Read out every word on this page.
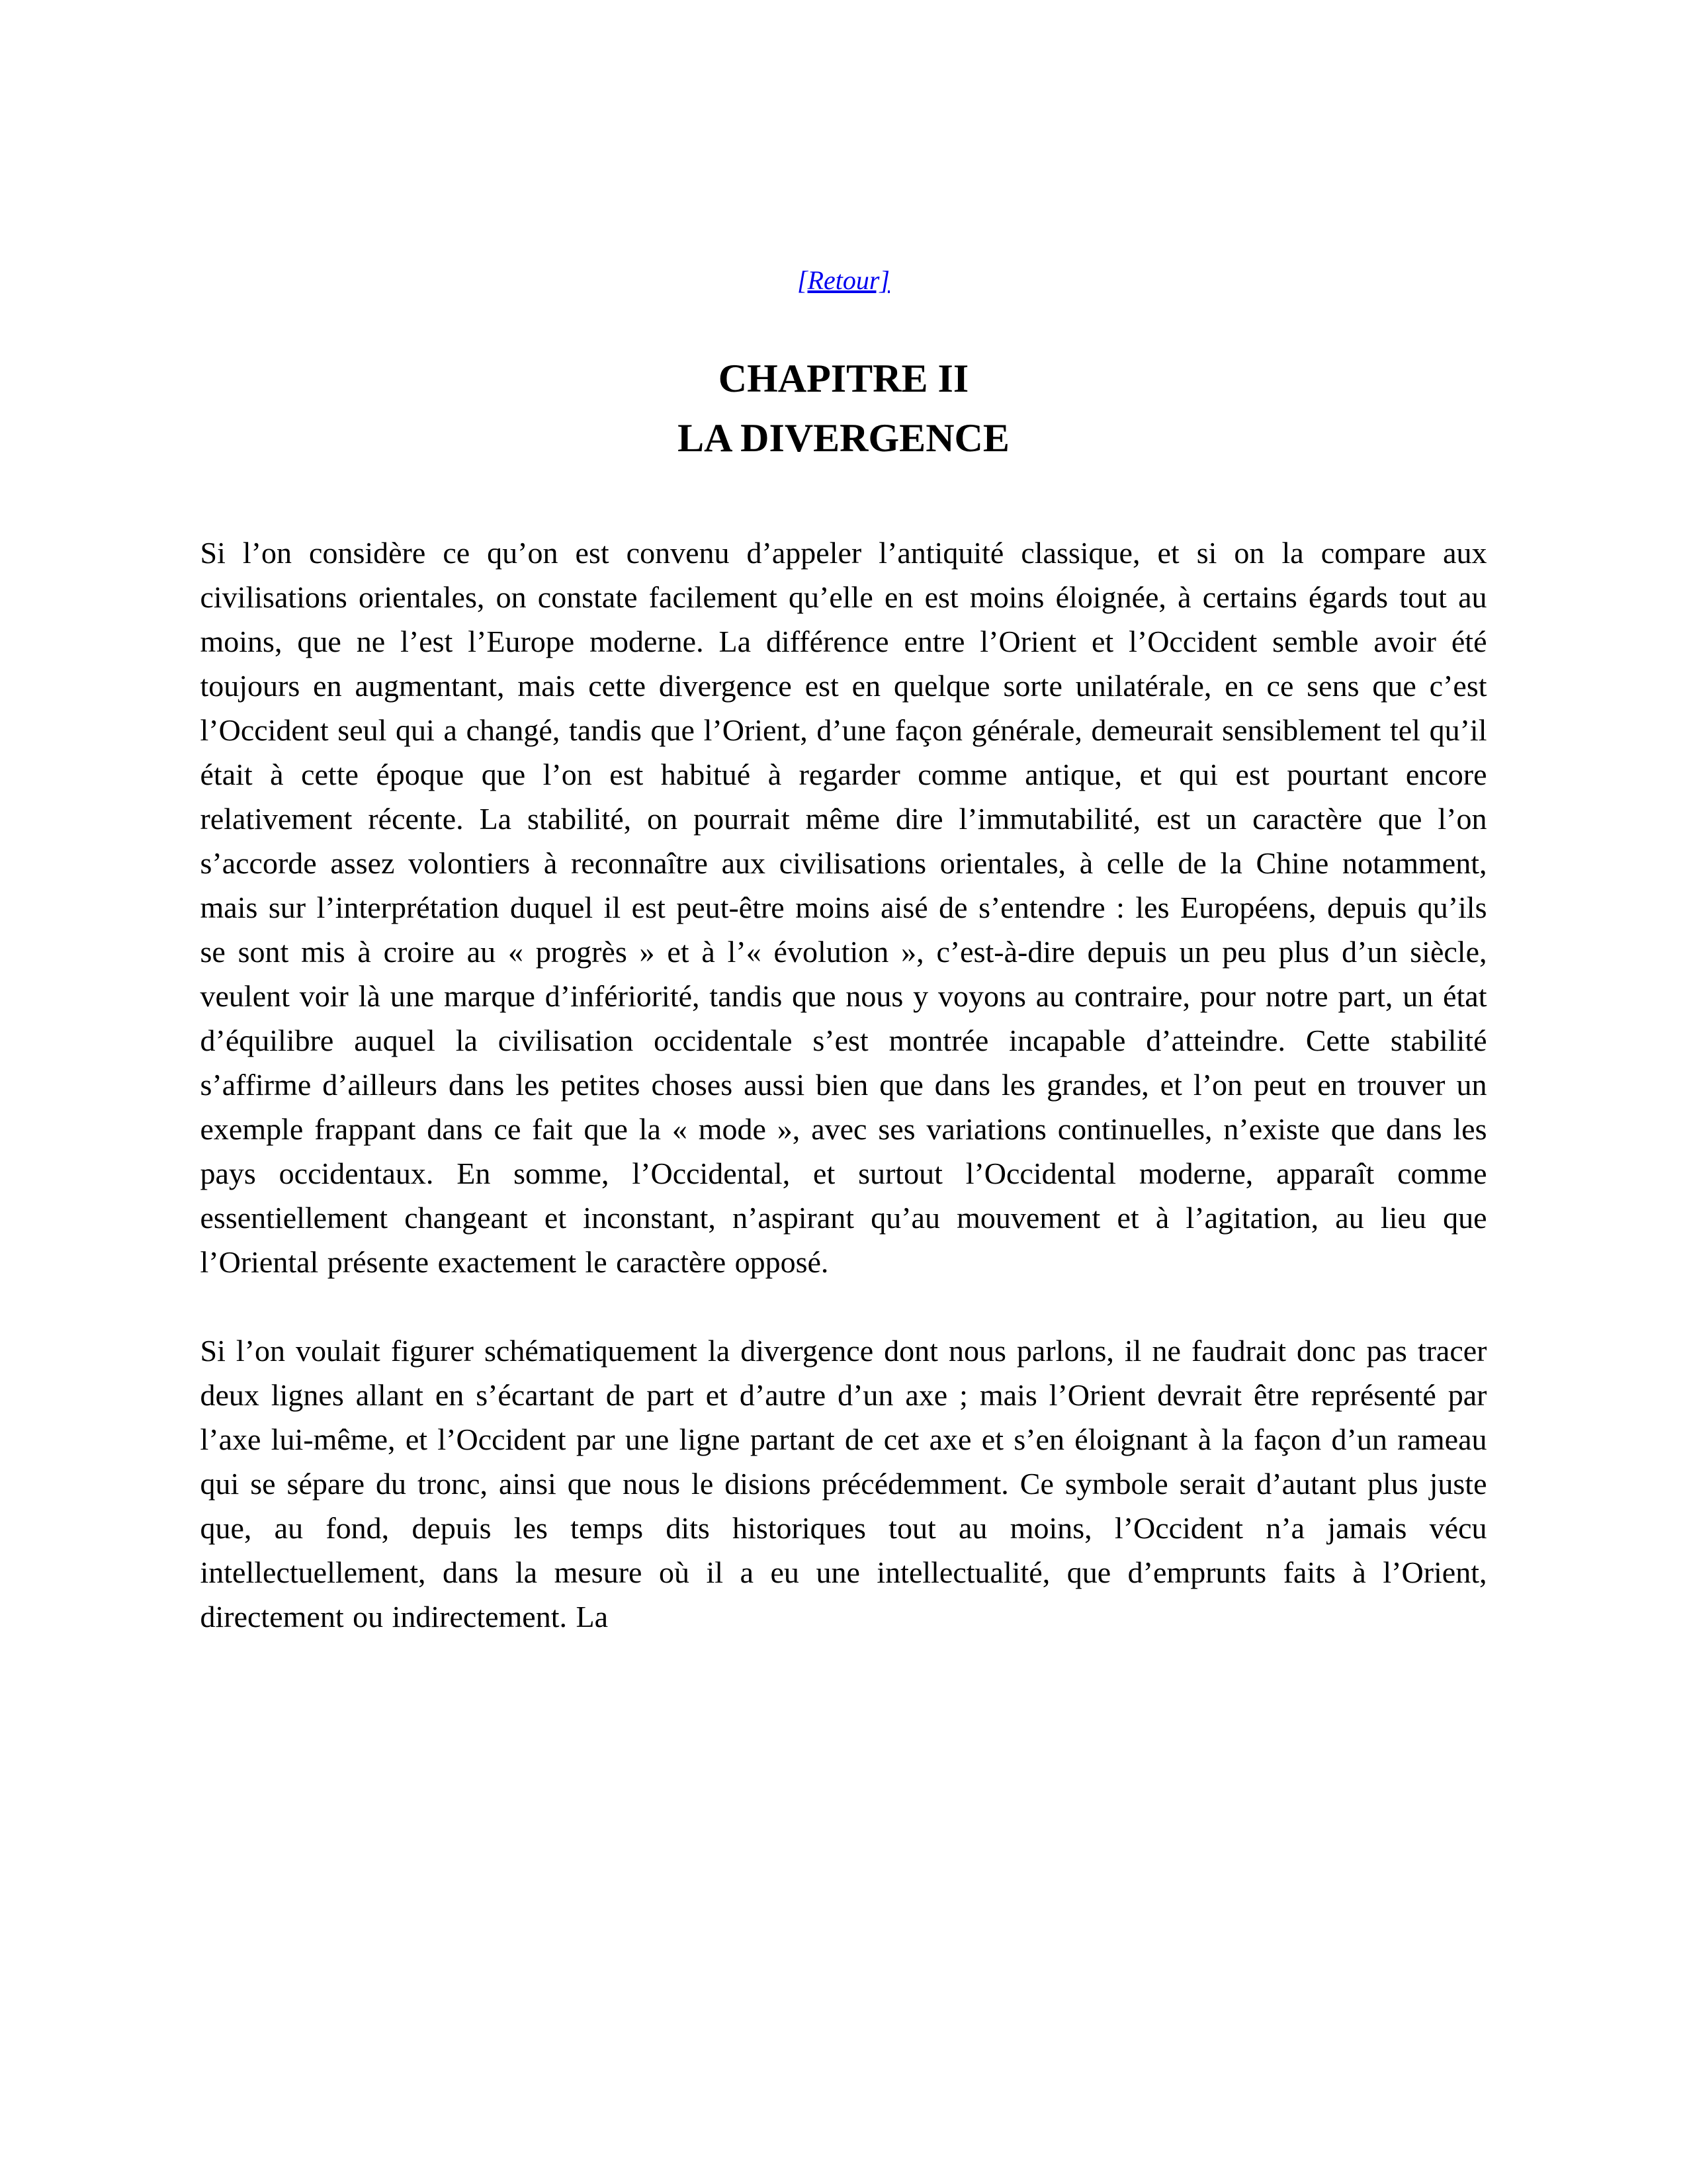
[Retour]
CHAPITRE II
LA DIVERGENCE

Si l’on considère ce qu’on est convenu d’appeler l’antiquité classique, et si on la compare aux civilisations orientales, on constate facilement qu’elle en est moins éloignée, à certains égards tout au moins, que ne l’est l’Europe moderne. La différence entre l’Orient et l’Occident semble avoir été toujours en augmentant, mais cette divergence est en quelque sorte unilatérale, en ce sens que c’est l’Occident seul qui a changé, tandis que l’Orient, d’une façon générale, demeurait sensiblement tel qu’il était à cette époque que l’on est habitué à regarder comme antique, et qui est pourtant encore relativement récente. La stabilité, on pourrait même dire l’immutabilité, est un caractère que l’on s’accorde assez volontiers à reconnaître aux civilisations orientales, à celle de la Chine notamment, mais sur l’interprétation duquel il est peut-être moins aisé de s’entendre : les Européens, depuis qu’ils se sont mis à croire au « progrès » et à l’« évolution », c’est-à-dire depuis un peu plus d’un siècle, veulent voir là une marque d’infériorité, tandis que nous y voyons au contraire, pour notre part, un état d’équilibre auquel la civilisation occidentale s’est montrée incapable d’atteindre. Cette stabilité s’affirme d’ailleurs dans les petites choses aussi bien que dans les grandes, et l’on peut en trouver un exemple frappant dans ce fait que la « mode », avec ses variations continuelles, n’existe que dans les pays occidentaux. En somme, l’Occidental, et surtout l’Occidental moderne, apparaît comme essentiellement changeant et inconstant, n’aspirant qu’au mouvement et à l’agitation, au lieu que l’Oriental présente exactement le caractère opposé.

Si l’on voulait figurer schématiquement la divergence dont nous parlons, il ne faudrait donc pas tracer deux lignes allant en s’écartant de part et d’autre d’un axe ; mais l’Orient devrait être représenté par l’axe lui-même, et l’Occident par une ligne partant de cet axe et s’en éloignant à la façon d’un rameau qui se sépare du tronc, ainsi que nous le disions précédemment. Ce symbole serait d’autant plus juste que, au fond, depuis les temps dits historiques tout au moins, l’Occident n’a jamais vécu intellectuellement, dans la mesure où il a eu une intellectualité, que d’emprunts faits à l’Orient, directement ou indirectement. La
